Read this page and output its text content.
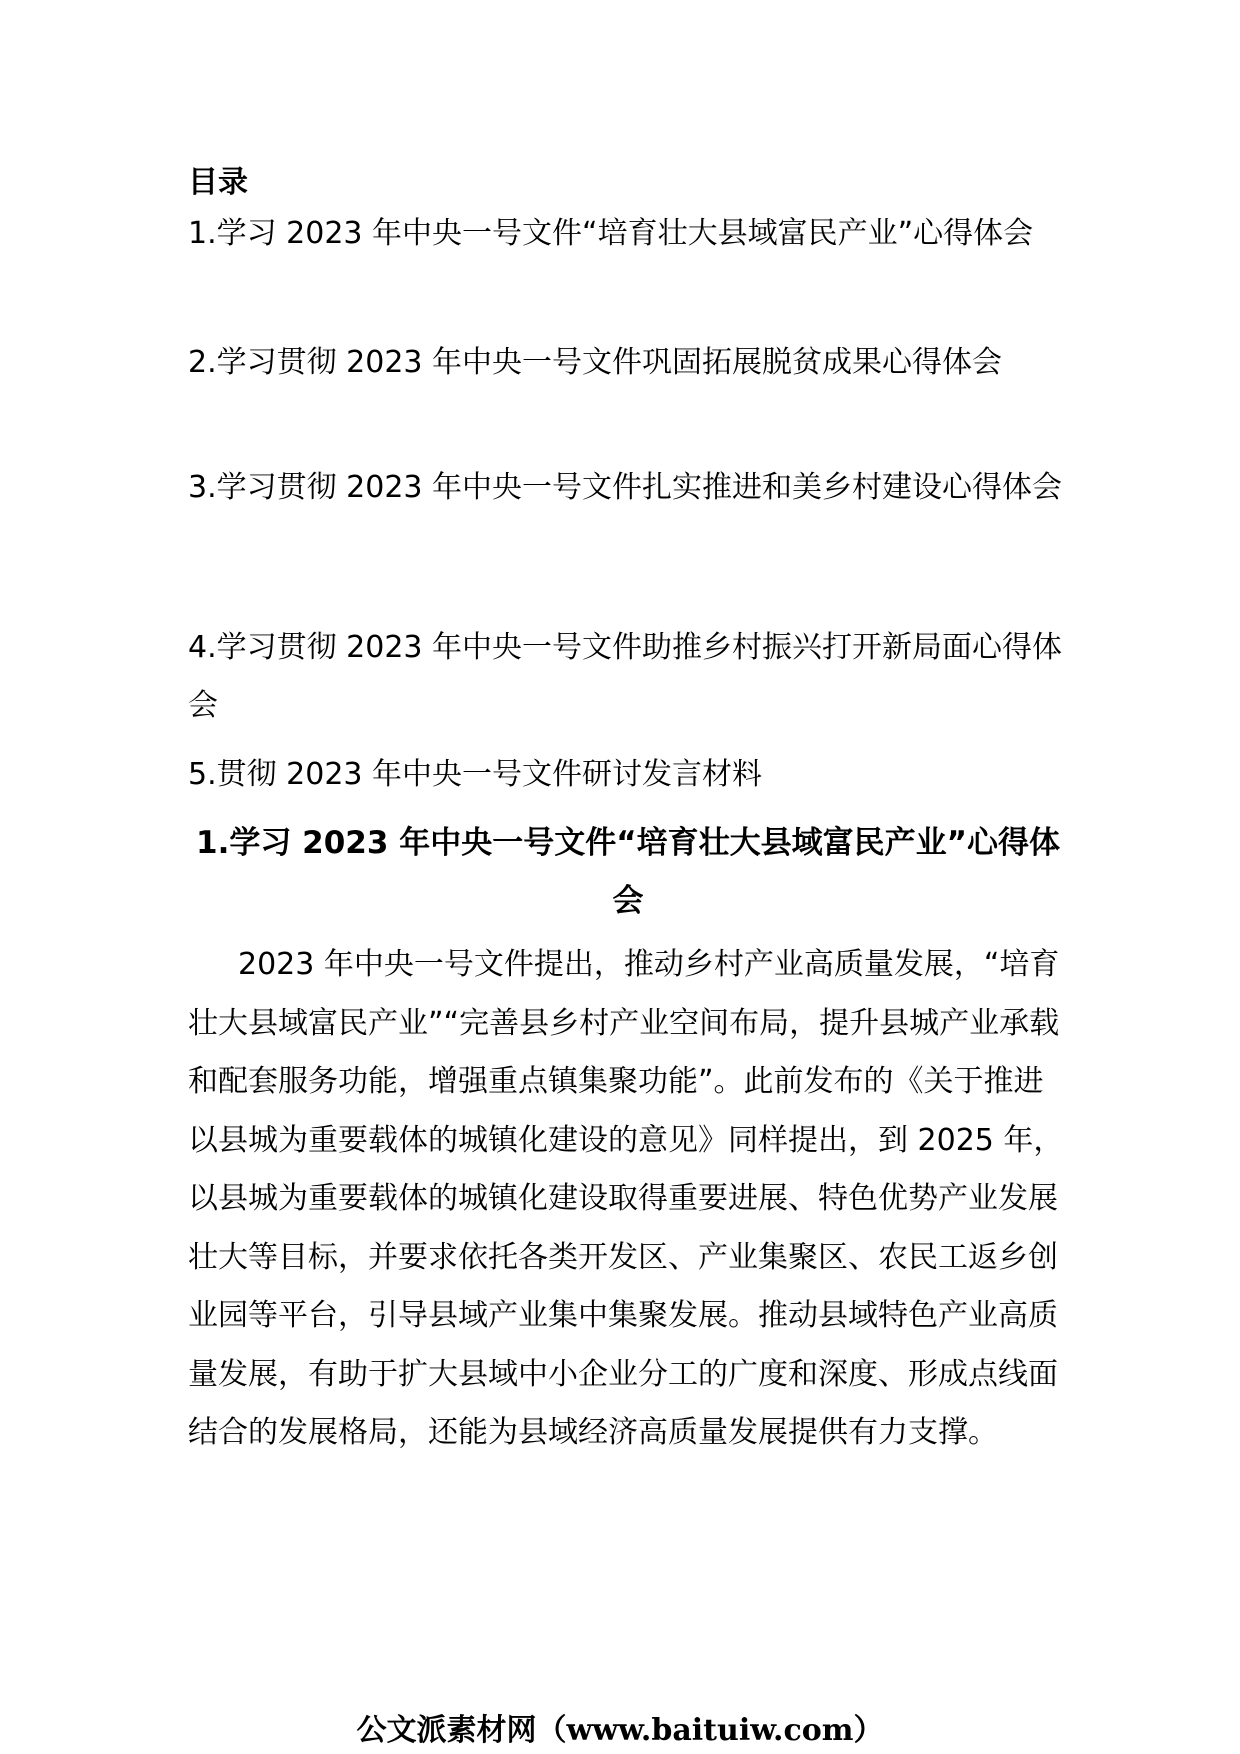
目录

1.学习 2023 年中央一号文件“培育壮大县域富民产业”心得体会

2.学习贯彻 2023 年中央一号文件巩固拓展脱贫成果心得体会

3.学习贯彻 2023 年中央一号文件扎实推进和美乡村建设心得体会

4.学习贯彻 2023 年中央一号文件助推乡村振兴打开新局面心得体会

5.贯彻 2023 年中央一号文件研讨发言材料

1.学习 2023 年中央一号文件“培育壮大县域富民产业”心得体会

2023 年中央一号文件提出，推动乡村产业高质量发展，“培育壮大县域富民产业”“完善县乡村产业空间布局，提升县城产业承载和配套服务功能，增强重点镇集聚功能”。此前发布的《关于推进以县城为重要载体的城镇化建设的意见》同样提出，到 2025 年，以县城为重要载体的城镇化建设取得重要进展、特色优势产业发展壮大等目标，并要求依托各类开发区、产业集聚区、农民工返乡创业园等平台，引导县域产业集中集聚发展。推动县域特色产业高质量发展，有助于扩大县域中小企业分工的广度和深度、形成点线面结合的发展格局，还能为县域经济高质量发展提供有力支撑。

公文派素材网（www.baituiw.com）
